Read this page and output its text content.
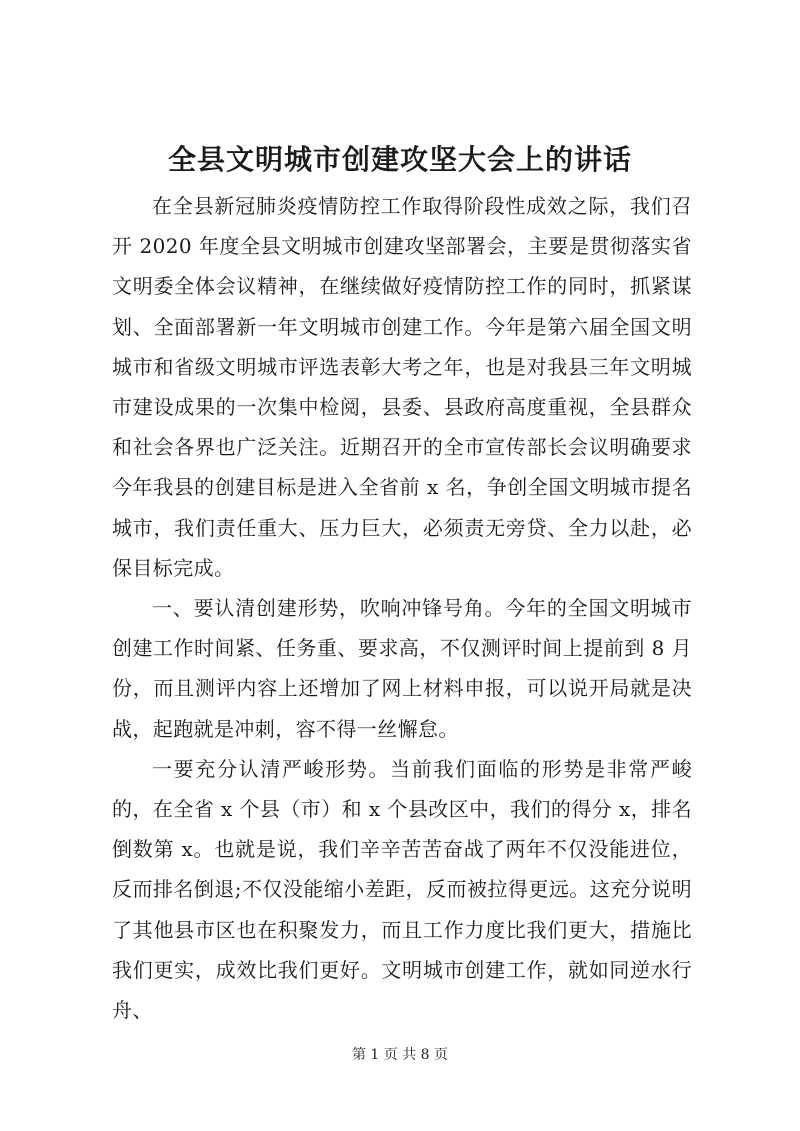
全县文明城市创建攻坚大会上的讲话

在全县新冠肺炎疫情防控工作取得阶段性成效之际，我们召开 2020 年度全县文明城市创建攻坚部署会，主要是贯彻落实省文明委全体会议精神，在继续做好疫情防控工作的同时，抓紧谋划、全面部署新一年文明城市创建工作。今年是第六届全国文明城市和省级文明城市评选表彰大考之年，也是对我县三年文明城市建设成果的一次集中检阅，县委、县政府高度重视，全县群众和社会各界也广泛关注。近期召开的全市宣传部长会议明确要求今年我县的创建目标是进入全省前 x 名，争创全国文明城市提名城市，我们责任重大、压力巨大，必须责无旁贷、全力以赴，必保目标完成。

一、要认清创建形势，吹响冲锋号角。今年的全国文明城市创建工作时间紧、任务重、要求高，不仅测评时间上提前到 8 月份，而且测评内容上还增加了网上材料申报，可以说开局就是决战，起跑就是冲刺，容不得一丝懈怠。

一要充分认清严峻形势。当前我们面临的形势是非常严峻的，在全省 x 个县（市）和 x 个县改区中，我们的得分 x，排名倒数第 x。也就是说，我们辛辛苦苦奋战了两年不仅没能进位，反而排名倒退;不仅没能缩小差距，反而被拉得更远。这充分说明了其他县市区也在积聚发力，而且工作力度比我们更大，措施比我们更实，成效比我们更好。文明城市创建工作，就如同逆水行舟、

第 1 页 共 8 页
